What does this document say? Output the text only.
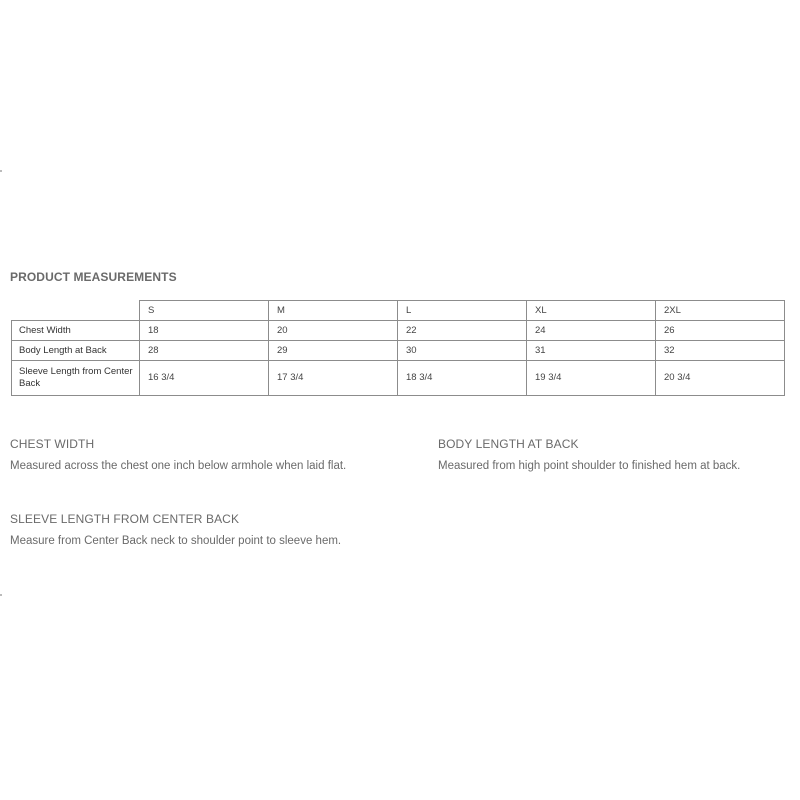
PRODUCT MEASUREMENTS
	S	M	L	XL	2XL
Chest Width	18	20	22	24	26
Body Length at Back	28	29	30	31	32
Sleeve Length from Center Back	16 3/4	17 3/4	18 3/4	19 3/4	20 3/4
CHEST WIDTH
Measured across the chest one inch below armhole when laid flat.
BODY LENGTH AT BACK
Measured from high point shoulder to finished hem at back.
SLEEVE LENGTH FROM CENTER BACK
Measure from Center Back neck to shoulder point to sleeve hem.
